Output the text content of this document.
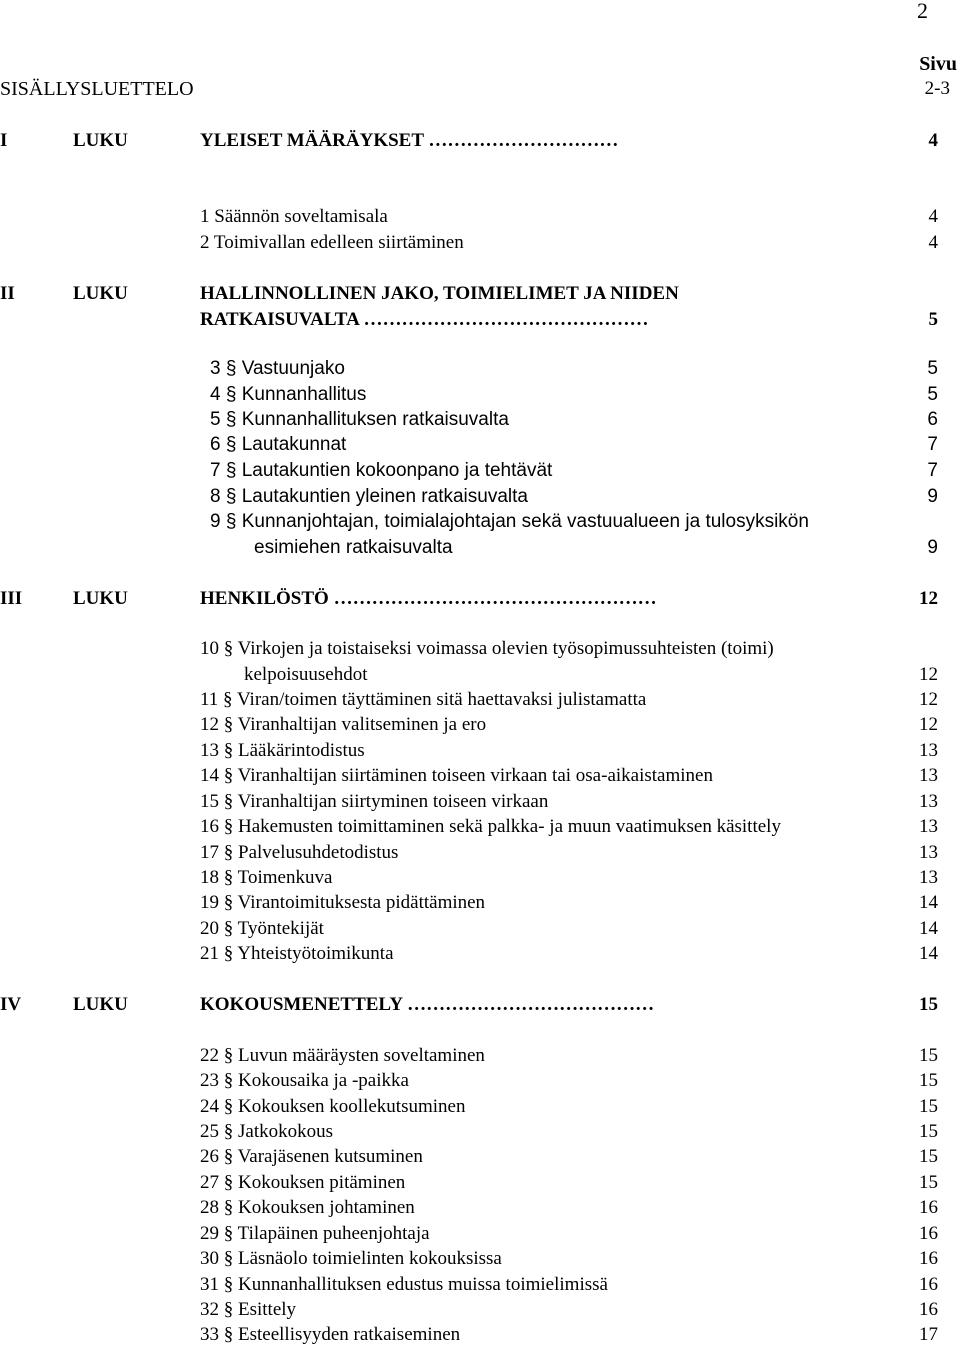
2
Sivu
SISÄLLYSLUETTELO	2-3
I	LUKU	YLEISET MÄÄRÄYKSET …………………………	4
1 Säännön soveltamisala	4
2 Toimivallan edelleen siirtäminen	4
II	LUKU	HALLINNOLLINEN JAKO, TOIMIELIMET JA NIIDEN
RATKAISUVALTA ………………………………………	5
3 § Vastuunjako	5
4 § Kunnanhallitus	5
5 § Kunnanhallituksen ratkaisuvalta	6
6 § Lautakunnat	7
7 § Lautakuntien kokoonpano ja tehtävät	7
8 § Lautakuntien yleinen ratkaisuvalta	9
9 § Kunnanjohtajan, toimialajohtajan sekä vastuualueen ja tulosyksikön
esimiehen ratkaisuvalta	9
III	LUKU	HENKILÖSTÖ ……………………………………………	12
10 § Virkojen ja toistaiseksi voimassa olevien työsopimussuhteisten (toimi)
kelpoisuusehdot	12
11 § Viran/toimen täyttäminen sitä haettavaksi julistamatta	12
12 § Viranhaltijan valitseminen ja ero	12
13 § Lääkärintodistus	13
14 § Viranhaltijan siirtäminen toiseen virkaan tai osa-aikaistaminen	13
15 § Viranhaltijan siirtyminen toiseen virkaan	13
16 § Hakemusten toimittaminen sekä palkka- ja muun vaatimuksen käsittely	13
17 § Palvelusuhdetodistus	13
18 § Toimenkuva	13
19 § Virantoimituksesta pidättäminen	14
20 § Työntekijät	14
21 § Yhteistyötoimikunta	14
IV	LUKU	KOKOUSMENETTELY …………………………………	15
22 § Luvun määräysten soveltaminen	15
23 § Kokousaika ja -paikka	15
24 § Kokouksen koollekutsuminen	15
25 § Jatkokokous	15
26 § Varajäsenen kutsuminen	15
27 § Kokouksen pitäminen	15
28 § Kokouksen johtaminen	16
29 § Tilapäinen puheenjohtaja	16
30 § Läsnäolo toimielinten kokouksissa	16
31 § Kunnanhallituksen edustus muissa toimielimissä	16
32 § Esittely	16
33 § Esteellisyyden ratkaiseminen	17
